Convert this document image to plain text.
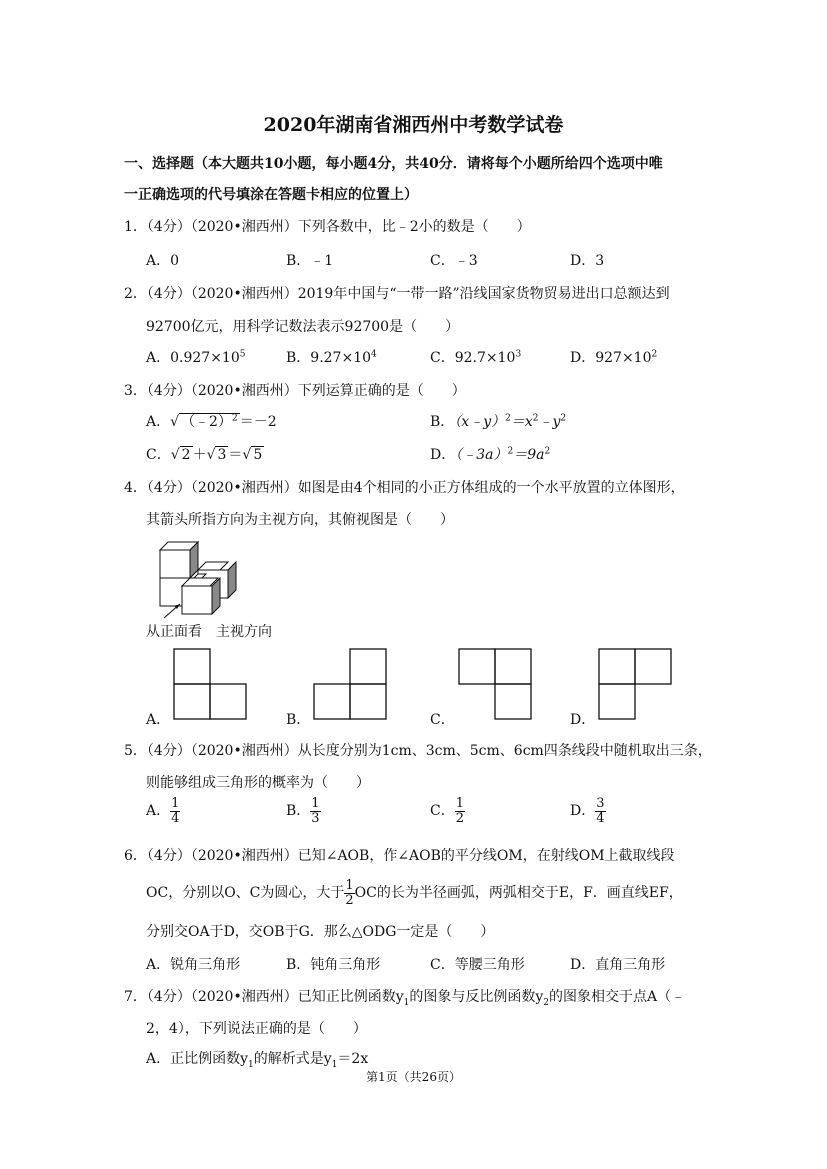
2020年湖南省湘西州中考数学试卷
一、选择题（本大题共10小题，每小题4分，共40分．请将每个小题所给四个选项中唯
一正确选项的代号填涂在答题卡相应的位置上）
1．（4分）（2020•湘西州）下列各数中，比﹣2小的数是（　　）
A．0	B．﹣1	C．﹣3	D．3
2．（4分）（2020•湘西州）2019年中国与“一带一路”沿线国家货物贸易进出口总额达到
92700亿元，用科学记数法表示92700是（　　）
A．$0.927\times 10^5$	B．$9.27\times 10^4$	C．$92.7\times 10^3$	D．$927\times 10^2$
3．（4分）（2020•湘西州）下列运算正确的是（　　）
A．√ （﹣2）$^2$ ＝－2	B．$(x﹣y)^2=x^2﹣y^2$
C．√ 2 ＋√ 3 ＝√ 5	D．$(﹣3a)^2=9a^2$
4．（4分）（2020•湘西州）如图是由4个相同的小正方体组成的一个水平放置的立体图形，
其箭头所指方向为主视方向，其俯视图是（　　）
从正面看　主视方向
A．	B．	C．	D．
5．（4分）（2020•湘西州）从长度分别为1cm、3cm、5cm、6cm四条线段中随机取出三条，
则能够组成三角形的概率为（　　）
A． $\frac{1}{4}$	B． $\frac{1}{3}$	C． $\frac{1}{2}$	D． $\frac{3}{4}$
6．（4分）（2020•湘西州）已知∠AOB，作∠AOB的平分线OM，在射线OM上截取线段
OC，分别以O、C为圆心，大于 $\frac{1}{2}$ OC的长为半径画弧，两弧相交于E，F．画直线EF，
分别交OA于D，交OB于G．那么△ODG一定是（　　）
A．锐角三角形	B．钝角三角形	C．等腰三角形	D．直角三角形
7．（4分）（2020•湘西州）已知正比例函数$y_1$的图象与反比例函数$y_2$的图象相交于点A（﹣
2，4），下列说法正确的是（　　）
A．正比例函数$y_1$的解析式是$y_1=2x$
第1页（共26页）
